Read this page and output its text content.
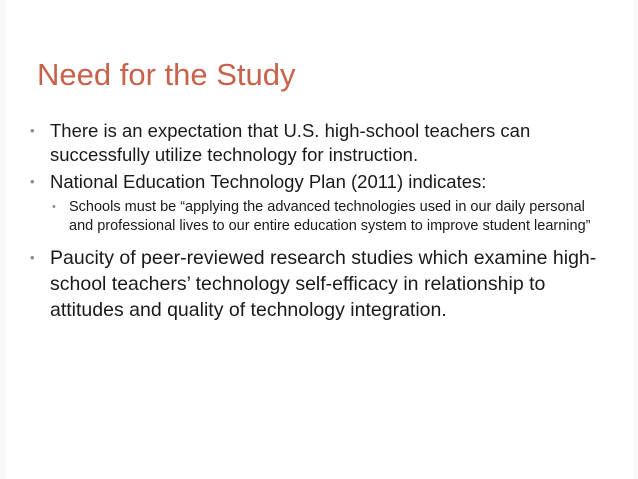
Need for the Study
• There is an expectation that U.S. high-school teachers can successfully utilize technology for instruction.
• National Education Technology Plan (2011) indicates:
• Schools must be “applying the advanced technologies used in our daily personal and professional lives to our entire education system to improve student learning”
• Paucity of peer-reviewed research studies which examine high-school teachers’ technology self-efficacy in relationship to attitudes and quality of technology integration.
